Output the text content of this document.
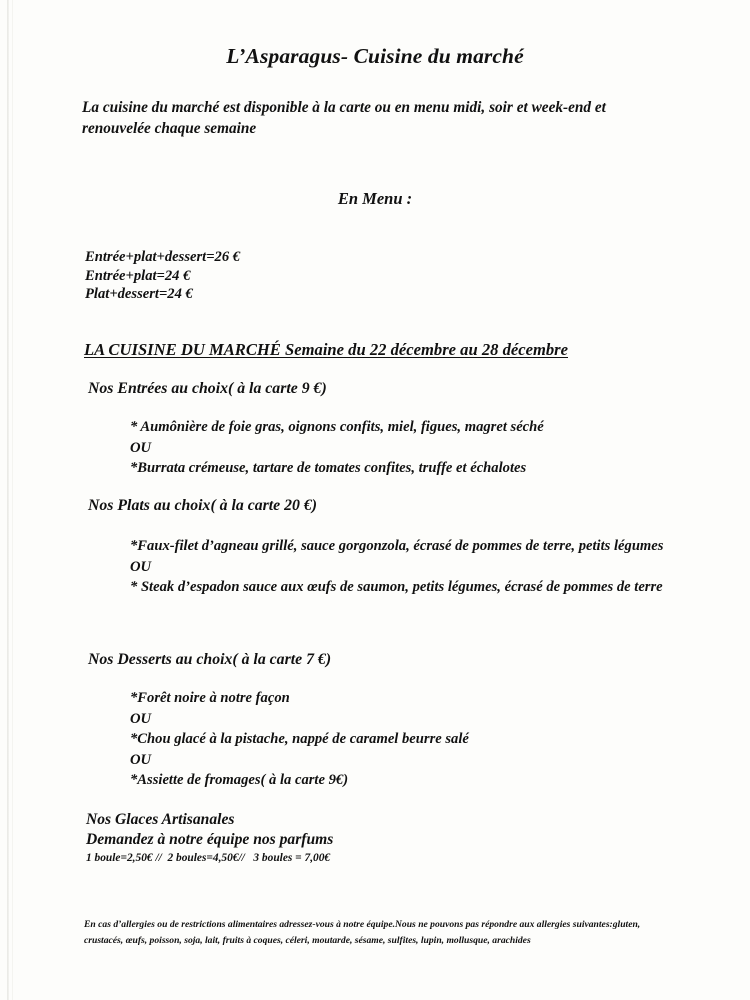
L’Asparagus- Cuisine du marché
La cuisine du marché est disponible à la carte ou en menu midi, soir et week-end et renouvelée chaque semaine
En Menu :
Entrée+plat+dessert=26 €
Entrée+plat=24 €
Plat+dessert=24 €
LA CUISINE DU MARCHÉ Semaine du 22 décembre au 28 décembre
Nos Entrées au choix( à la carte 9 €)
* Aumônière de foie gras, oignons confits, miel, figues, magret séché
OU
*Burrata crémeuse, tartare de tomates confites, truffe et échalotes
Nos Plats au choix( à la carte 20 €)
*Faux-filet d’agneau grillé, sauce gorgonzola, écrasé de pommes de terre, petits légumes
OU
* Steak d’espadon sauce aux œufs de saumon, petits légumes, écrasé de pommes de terre
Nos Desserts au choix( à la carte 7 €)
*Forêt noire à notre façon
OU
*Chou glacé à la pistache, nappé de caramel beurre salé
OU
*Assiette de fromages( à la carte 9€)
Nos Glaces Artisanales
Demandez à notre équipe nos parfums
1 boule=2,50€ //  2 boules=4,50€//   3 boules = 7,00€
En cas d’allergies ou de restrictions alimentaires adressez-vous à notre équipe.Nous ne pouvons pas répondre aux allergies suivantes:gluten, crustacés, œufs, poisson, soja, lait, fruits à coques, céleri, moutarde, sésame, sulfites, lupin, mollusque, arachides
